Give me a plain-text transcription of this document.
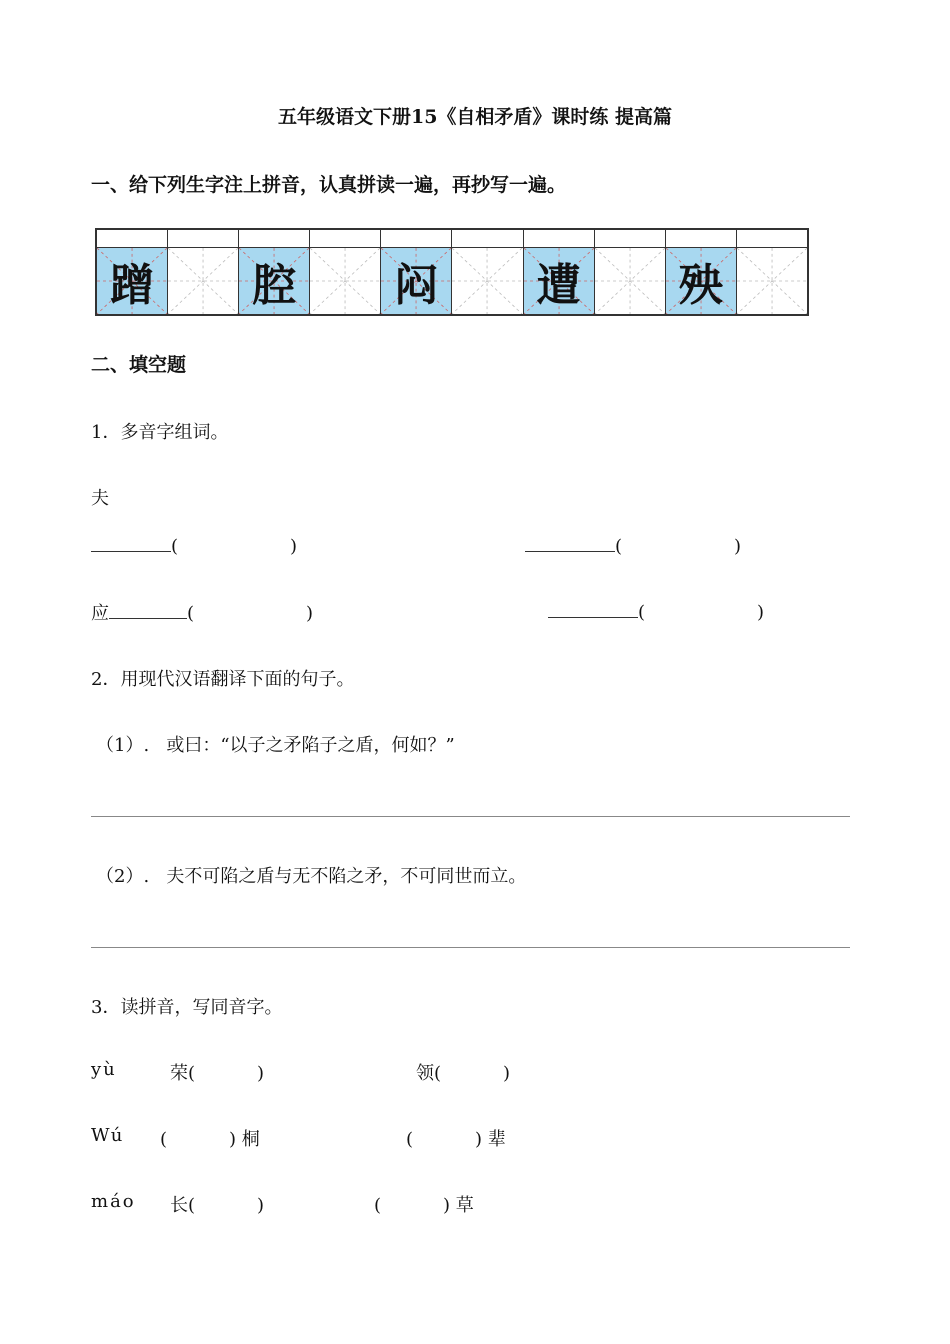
五年级语文下册15《自相矛盾》课时练 提高篇
一、给下列生字注上拼音，认真拼读一遍，再抄写一遍。
蹭 腔 闷 遭 殃
二、填空题
1．多音字组词。
夫
(	)	(	)
应	(	)	(	)
2．用现代汉语翻译下面的句子。
（1）. 或曰：“以子之矛陷子之盾，何如？”
（2）. 夫不可陷之盾与无不陷之矛，不可同世而立。
3．读拼音，写同音字。
yù	荣(	)	领(	)
Wú (	) 桐	(	) 辈
máo 长(	)	(	) 草
